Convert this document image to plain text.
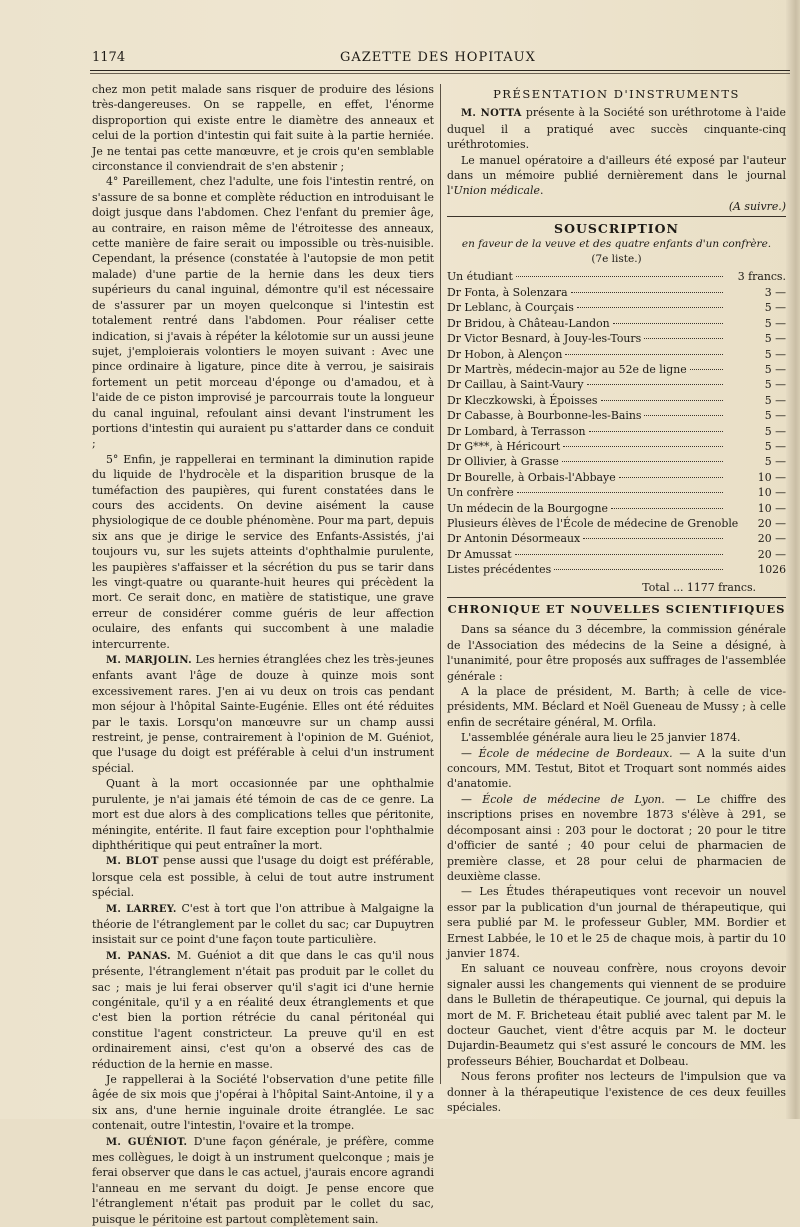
1174	GAZETTE DES HOPITAUX

chez mon petit malade sans risquer de produire des lésions très-dangereuses. On se rappelle, en effet, l'énorme disproportion qui existe entre le diamètre des anneaux et celui de la portion d'intestin qui fait suite à la partie herniée. Je ne tentai pas cette manœuvre, et je crois qu'en semblable circonstance il conviendrait de s'en abstenir ;

4° Pareillement, chez l'adulte, une fois l'intestin rentré, on s'assure de sa bonne et complète réduction en introduisant le doigt jusque dans l'abdomen. Chez l'enfant du premier âge, au contraire, en raison même de l'étroitesse des anneaux, cette manière de faire serait ou impossible ou très-nuisible. Cependant, la présence (constatée à l'autopsie de mon petit malade) d'une partie de la hernie dans les deux tiers supérieurs du canal inguinal, démontre qu'il est nécessaire de s'assurer par un moyen quelconque si l'intestin est totalement rentré dans l'abdomen. Pour réaliser cette indication, si j'avais à répéter la kélotomie sur un aussi jeune sujet, j'emploierais volontiers le moyen suivant : Avec une pince ordinaire à ligature, pince dite à verrou, je saisirais fortement un petit morceau d'éponge ou d'amadou, et à l'aide de ce piston improvisé je parcourrais toute la longueur du canal inguinal, refoulant ainsi devant l'instrument les portions d'intestin qui auraient pu s'attarder dans ce conduit ;

5° Enfin, je rappellerai en terminant la diminution rapide du liquide de l'hydrocèle et la disparition brusque de la tuméfaction des paupières, qui furent constatées dans le cours des accidents. On devine aisément la cause physiologique de ce double phénomène. Pour ma part, depuis six ans que je dirige le service des Enfants-Assistés, j'ai toujours vu, sur les sujets atteints d'ophthalmie purulente, les paupières s'affaisser et la sécrétion du pus se tarir dans les vingt-quatre ou quarante-huit heures qui précèdent la mort. Ce serait donc, en matière de statistique, une grave erreur de considérer comme guéris de leur affection oculaire, des enfants qui succombent à une maladie intercurrente.

M. MARJOLIN. Les hernies étranglées chez les très-jeunes enfants avant l'âge de douze à quinze mois sont excessivement rares. J'en ai vu deux on trois cas pendant mon séjour à l'hôpital Sainte-Eugénie. Elles ont été réduites par le taxis. Lorsqu'on manœuvre sur un champ aussi restreint, je pense, contrairement à l'opinion de M. Guéniot, que l'usage du doigt est préférable à celui d'un instrument spécial.

Quant à la mort occasionnée par une ophthalmie purulente, je n'ai jamais été témoin de cas de ce genre. La mort est due alors à des complications telles que péritonite, méningite, entérite. Il faut faire exception pour l'ophthalmie diphthéritique qui peut entraîner la mort.

M. BLOT pense aussi que l'usage du doigt est préférable, lorsque cela est possible, à celui de tout autre instrument spécial.

M. LARREY. C'est à tort que l'on attribue à Malgaigne la théorie de l'étranglement par le collet du sac; car Dupuytren insistait sur ce point d'une façon toute particulière.

M. PANAS. M. Guéniot a dit que dans le cas qu'il nous présente, l'étranglement n'était pas produit par le collet du sac ; mais je lui ferai observer qu'il s'agit ici d'une hernie congénitale, qu'il y a en réalité deux étranglements et que c'est bien la portion rétrécie du canal péritonéal qui constitue l'agent constricteur. La preuve qu'il en est ordinairement ainsi, c'est qu'on a observé des cas de réduction de la hernie en masse.

Je rappellerai à la Société l'observation d'une petite fille âgée de six mois que j'opérai à l'hôpital Saint-Antoine, il y a six ans, d'une hernie inguinale droite étranglée. Le sac contenait, outre l'intestin, l'ovaire et la trompe.

M. GUÉNIOT. D'une façon générale, je préfère, comme mes collègues, le doigt à un instrument quelconque ; mais je ferai observer que dans le cas actuel, j'aurais encore agrandi l'anneau en me servant du doigt. Je pense encore que l'étranglement n'était pas produit par le collet du sac, puisque le péritoine est partout complètement sain.

PRÉSENTATION D'INSTRUMENTS

M. NOTTA présente à la Société son uréthrotome à l'aide duquel il a pratiqué avec succès cinquante-cinq uréthrotomies.

Le manuel opératoire a d'ailleurs été exposé par l'auteur dans un mémoire publié dernièrement dans le journal l'Union médicale.

(A suivre.)
SOUSCRIPTION
en faveur de la veuve et des quatre enfants d'un confrère.
(7e liste.)
Un étudiant	3 francs.
Dr Fonta, à Solenzara	3 —
Dr Leblanc, à Courçais	5 —
Dr Bridou, à Château-Landon	5 —
Dr Victor Besnard, à Jouy-les-Tours	5 —
Dr Hobon, à Alençon	5 —
Dr Martrès, médecin-major au 52e de ligne	5 —
Dr Caillau, à Saint-Vaury	5 —
Dr Kleczkowski, à Époisses	5 —
Dr Cabasse, à Bourbonne-les-Bains	5 —
Dr Lombard, à Terrasson	5 —
Dr G***, à Héricourt	5 —
Dr Ollivier, à Grasse	5 —
Dr Bourelle, à Orbais-l'Abbaye	10 —
Un confrère	10 —
Un médecin de la Bourgogne	10 —
Plusieurs élèves de l'École de médecine de Grenoble	20 —
Dr Antonin Désormeaux	20 —
Dr Amussat	20 —
Listes précédentes	1026
Total ... 1177 francs.
CHRONIQUE ET NOUVELLES SCIENTIFIQUES

Dans sa séance du 3 décembre, la commission générale de l'Association des médecins de la Seine a désigné, à l'unanimité, pour être proposés aux suffrages de l'assemblée générale :

A la place de président, M. Barth; à celle de vice-présidents, MM. Béclard et Noël Gueneau de Mussy ; à celle enfin de secrétaire général, M. Orfila.

L'assemblée générale aura lieu le 25 janvier 1874.

— École de médecine de Bordeaux. — A la suite d'un concours, MM. Testut, Bitot et Troquart sont nommés aides d'anatomie.

— École de médecine de Lyon. — Le chiffre des inscriptions prises en novembre 1873 s'élève à 291, se décomposant ainsi : 203 pour le doctorat ; 20 pour le titre d'officier de santé ; 40 pour celui de pharmacien de première classe, et 28 pour celui de pharmacien de deuxième classe.

— Les Études thérapeutiques vont recevoir un nouvel essor par la publication d'un journal de thérapeutique, qui sera publié par M. le professeur Gubler, MM. Bordier et Ernest Labbée, le 10 et le 25 de chaque mois, à partir du 10 janvier 1874.

En saluant ce nouveau confrère, nous croyons devoir signaler aussi les changements qui viennent de se produire dans le Bulletin de thérapeutique. Ce journal, qui depuis la mort de M. F. Bricheteau était publié avec talent par M. le docteur Gauchet, vient d'être acquis par M. le docteur Dujardin-Beaumetz qui s'est assuré le concours de MM. les professeurs Béhier, Bouchardat et Dolbeau.

Nous ferons profiter nos lecteurs de l'impulsion que va donner à la thérapeutique l'existence de ces deux feuilles spéciales.
